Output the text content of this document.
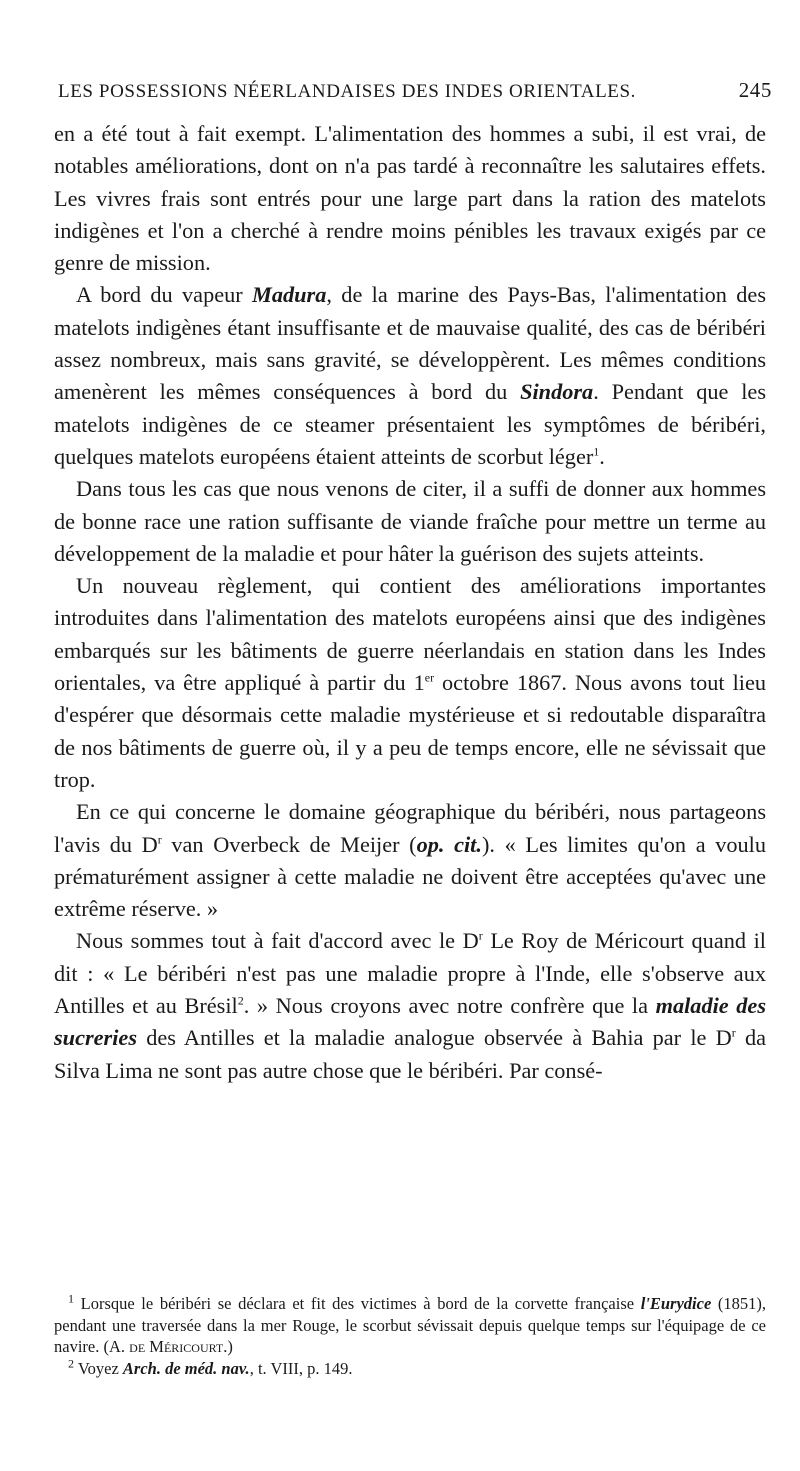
LES POSSESSIONS NÉERLANDAISES DES INDES ORIENTALES.	245

en a été tout à fait exempt. L'alimentation des hommes a subi, il est vrai, de notables améliorations, dont on n'a pas tardé à reconnaître les salutaires effets. Les vivres frais sont entrés pour une large part dans la ration des matelots indigènes et l'on a cherché à rendre moins pénibles les travaux exigés par ce genre de mission.

A bord du vapeur Madura, de la marine des Pays-Bas, l'alimentation des matelots indigènes étant insuffisante et de mauvaise qualité, des cas de béribéri assez nombreux, mais sans gravité, se développèrent. Les mêmes conditions amenèrent les mêmes conséquences à bord du Sindora. Pendant que les matelots indigènes de ce steamer présentaient les symptômes de béribéri, quelques matelots européens étaient atteints de scorbut léger$^1$.

Dans tous les cas que nous venons de citer, il a suffi de donner aux hommes de bonne race une ration suffisante de viande fraîche pour mettre un terme au développement de la maladie et pour hâter la guérison des sujets atteints.

Un nouveau règlement, qui contient des améliorations importantes introduites dans l'alimentation des matelots européens ainsi que des indigènes embarqués sur les bâtiments de guerre néerlandais en station dans les Indes orientales, va être appliqué à partir du 1er octobre 1867. Nous avons tout lieu d'espérer que désormais cette maladie mystérieuse et si redoutable disparaîtra de nos bâtiments de guerre où, il y a peu de temps encore, elle ne sévissait que trop.

En ce qui concerne le domaine géographique du béribéri, nous partageons l'avis du $D^r$ van Overbeck de Meijer (op. cit.). « Les limites qu'on a voulu prématurément assigner à cette maladie ne doivent être acceptées qu'avec une extrême réserve. »

Nous sommes tout à fait d'accord avec le $D^r$ Le Roy de Méricourt quand il dit : « Le béribéri n'est pas une maladie propre à l'Inde, elle s'observe aux Antilles et au Brésil$^2$. » Nous croyons avec notre confrère que la maladie des sucreries des Antilles et la maladie analogue observée à Bahia par le $D^r$ da Silva Lima ne sont pas autre chose que le béribéri. Par consé-

$^1$ Lorsque le béribéri se déclara et fit des victimes à bord de la corvette française l'Eurydice (1851), pendant une traversée dans la mer Rouge, le scorbut sévissait depuis quelque temps sur l'équipage de ce navire. (A. de Méricourt.)

$^2$ Voyez Arch. de méd. nav., t. VIII, p. 149.
